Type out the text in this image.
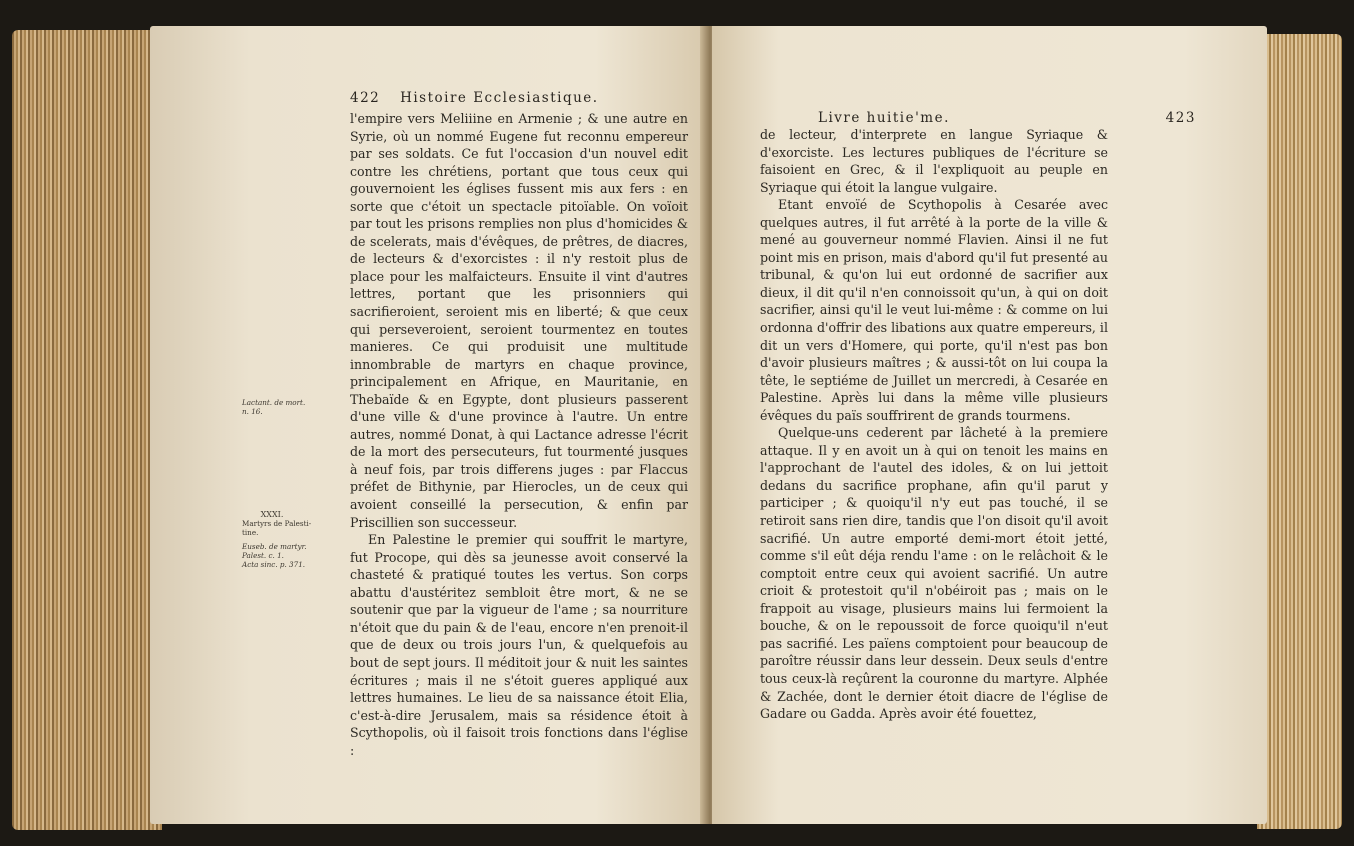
422 Histoire Ecclesiastique.

l'empire vers Meliiine en Armenie ; & une autre en Syrie, où un nommé Eugene fut reconnu empereur par ses soldats. Ce fut l'occasion d'un nouvel edit contre les chrétiens, portant que tous ceux qui gouvernoient les églises fussent mis aux fers : en sorte que c'étoit un spectacle pitoïable. On voïoit par tout les prisons remplies non plus d'homicides & de scelerats, mais d'évêques, de prêtres, de diacres, de lecteurs & d'exorcistes : il n'y restoit plus de place pour les malfaicteurs. Ensuite il vint d'autres lettres, portant que les prisonniers qui sacrifieroient, seroient mis en liberté; & que ceux qui perseveroient, seroient tourmentez en toutes manieres. Ce qui produisit une multitude innombrable de martyrs en chaque province, principalement en Afrique, en Mauritanie, en Thebaïde & en Egypte, dont plusieurs passerent d'une ville & d'une province à l'autre. Un entre autres, nommé Donat, à qui Lactance adresse l'écrit de la mort des persecuteurs, fut tourmenté jusques à neuf fois, par trois differens juges : par Flaccus préfet de Bithynie, par Hierocles, un de ceux qui avoient conseillé la persecution, & enfin par Priscillien son successeur.

En Palestine le premier qui souffrit le martyre, fut Procope, qui dès sa jeunesse avoit conservé la chasteté & pratiqué toutes les vertus. Son corps abattu d'austéritez sembloit être mort, & ne se soutenir que par la vigueur de l'ame ; sa nourriture n'étoit que du pain & de l'eau, encore n'en prenoit-il que de deux ou trois jours l'un, & quelquefois au bout de sept jours. Il méditoit jour & nuit les saintes écritures ; mais il ne s'étoit gueres appliqué aux lettres humaines. Le lieu de sa naissance étoit Elia, c'est-à-dire Jerusalem, mais sa résidence étoit à Scythopolis, où il faisoit trois fonctions dans l'église :

Lactant. de mort.
n. 16.
XXXI.
Martyrs de Palesti-
tine.
Euseb. de martyr.
Palest. c. 1.
Acta sinc. p. 371.
Livre huitie'me.	423

de lecteur, d'interprete en langue Syriaque & d'exorciste. Les lectures publiques de l'écriture se faisoient en Grec, & il l'expliquoit au peuple en Syriaque qui étoit la langue vulgaire.

Etant envoïé de Scythopolis à Cesarée avec quelques autres, il fut arrêté à la porte de la ville & mené au gouverneur nommé Flavien. Ainsi il ne fut point mis en prison, mais d'abord qu'il fut presenté au tribunal, & qu'on lui eut ordonné de sacrifier aux dieux, il dit qu'il n'en connoissoit qu'un, à qui on doit sacrifier, ainsi qu'il le veut lui-même : & comme on lui ordonna d'offrir des libations aux quatre empereurs, il dit un vers d'Homere, qui porte, qu'il n'est pas bon d'avoir plusieurs maîtres ; & aussi-tôt on lui coupa la tête, le septiéme de Juillet un mercredi, à Cesarée en Palestine. Après lui dans la même ville plusieurs évêques du païs souffrirent de grands tourmens.

Quelque-uns cederent par lâcheté à la premiere attaque. Il y en avoit un à qui on tenoit les mains en l'approchant de l'autel des idoles, & on lui jettoit dedans du sacrifice prophane, afin qu'il parut y participer ; & quoiqu'il n'y eut pas touché, il se retiroit sans rien dire, tandis que l'on disoit qu'il avoit sacrifié. Un autre emporté demi-mort étoit jetté, comme s'il eût déja rendu l'ame : on le relâchoit & le comptoit entre ceux qui avoient sacrifié. Un autre crioit & protestoit qu'il n'obéiroit pas ; mais on le frappoit au visage, plusieurs mains lui fermoient la bouche, & on le repoussoit de force quoiqu'il n'eut pas sacrifié. Les païens comptoient pour beaucoup de paroître réussir dans leur dessein. Deux seuls d'entre tous ceux-là reçûrent la couronne du martyre. Alphée & Zachée, dont le dernier étoit diacre de l'église de Gadare ou Gadda. Après avoir été fouettez,
